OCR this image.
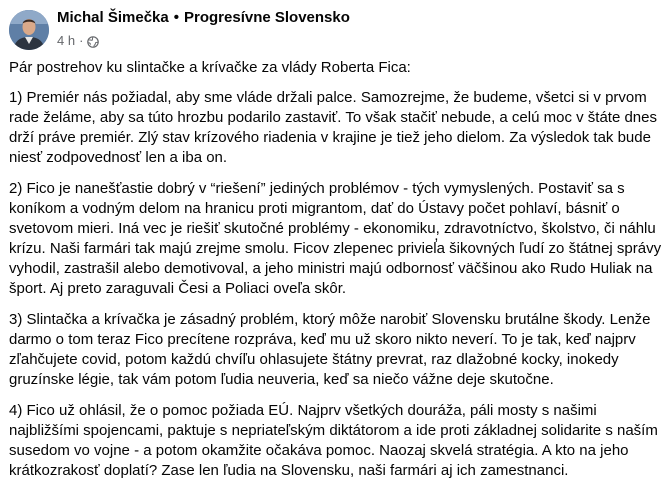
Michal Šimečka • Progresívne Slovensko
4 h ·

Pár postrehov ku slintačke a krívačke za vlády Roberta Fica:

1) Premiér nás požiadal, aby sme vláde držali palce. Samozrejme, že budeme, všetci si v prvom rade želáme, aby sa túto hrozbu podarilo zastaviť. To však stačiť nebude, a celú moc v štáte dnes drží práve premiér. Zlý stav krízového riadenia v krajine je tiež jeho dielom. Za výsledok tak bude niesť zodpovednosť len a iba on.

2) Fico je nanešťastie dobrý v “riešení” jediných problémov - tých vymyslených. Postaviť sa s koníkom a vodným delom na hranicu proti migrantom, dať do Ústavy počet pohlaví, básniť o svetovom mieri. Iná vec je riešiť skutočné problémy - ekonomiku, zdravotníctvo, školstvo, či náhlu krízu. Naši farmári tak majú zrejme smolu. Ficov zlepenec priviel̕a šikovných ľudí zo štátnej správy vyhodil, zastrašil alebo demotivoval, a jeho ministri majú odbornosť väčšinou ako Rudo Huliak na šport. Aj preto zaraguvali Česi a Poliaci oveľa skôr.

3) Slintačka a krívačka je zásadný problém, ktorý môže narobiť Slovensku brutálne škody. Lenže darmo o tom teraz Fico precítene rozpráva, keď mu už skoro nikto neverí. To je tak, keď najprv zľahčujete covid, potom každú chvíľu ohlasujete štátny prevrat, raz dlažobné kocky, inokedy gruzínske légie, tak vám potom ľudia neuveria, keď sa niečo vážne deje skutočne.

4) Fico už ohlásil, že o pomoc požiada EÚ. Najprv všetkých douráža, páli mosty s našimi najbližšími spojencami, paktuje s nepriateľským diktátorom a ide proti základnej solidarite s naším susedom vo vojne - a potom okamžite očakáva pomoc. Naozaj skvelá stratégia. A kto na jeho krátkozrakosť doplatí? Zase len ľudia na Slovensku, naši farmári aj ich zamestnanci.
